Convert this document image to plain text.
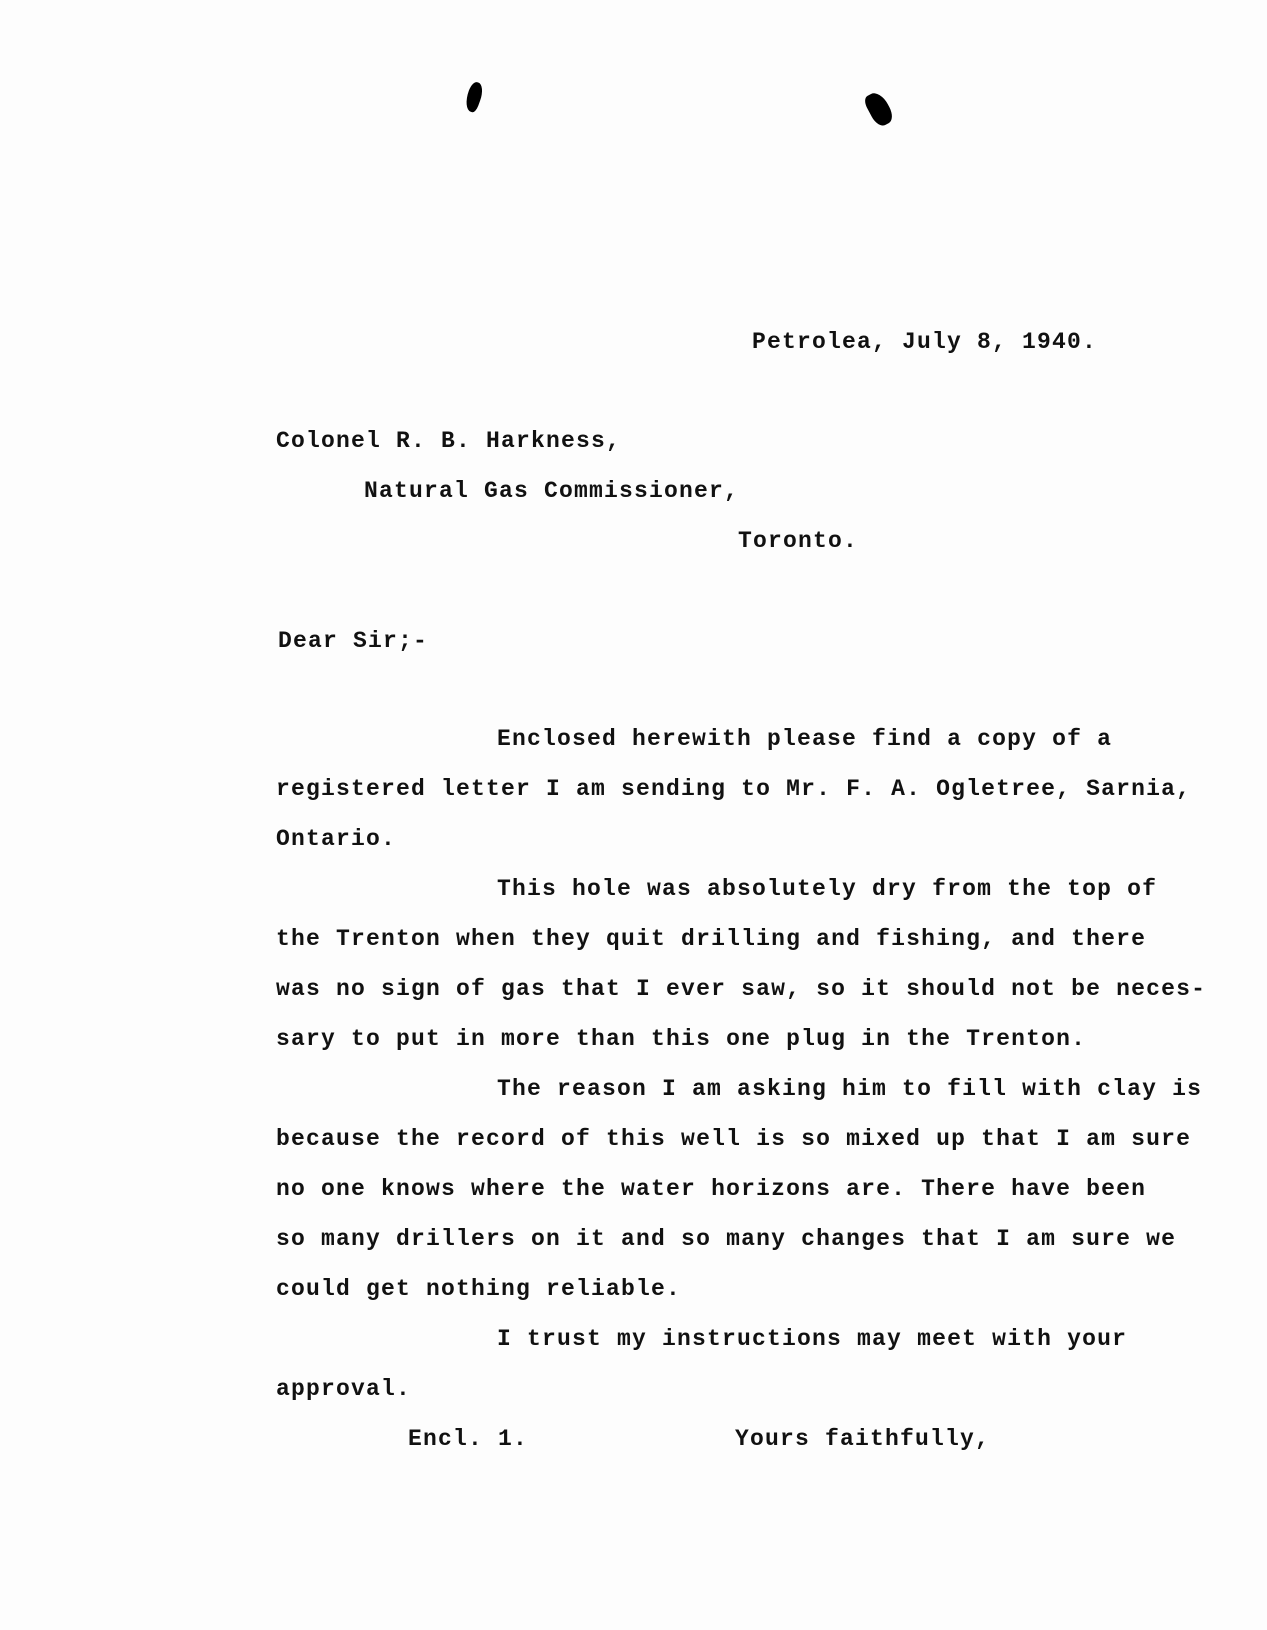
Petrolea, July 8, 1940.
Colonel R. B. Harkness,
Natural Gas Commissioner,
Toronto.
Dear Sir;-
Enclosed herewith please find a copy of a
registered letter I am sending to Mr. F. A. Ogletree, Sarnia,
Ontario.
This hole was absolutely dry from the top of
the Trenton when they quit drilling and fishing, and there
was no sign of gas that I ever saw, so it should not be neces-
sary to put in more than this one plug in the Trenton.
The reason I am asking him to fill with clay is
because the record of this well is so mixed up that I am sure
no one knows where the water horizons are. There have been
so many drillers on it and so many changes that I am sure we
could get nothing reliable.
I trust my instructions may meet with your
approval.
Encl. 1.	Yours faithfully,
